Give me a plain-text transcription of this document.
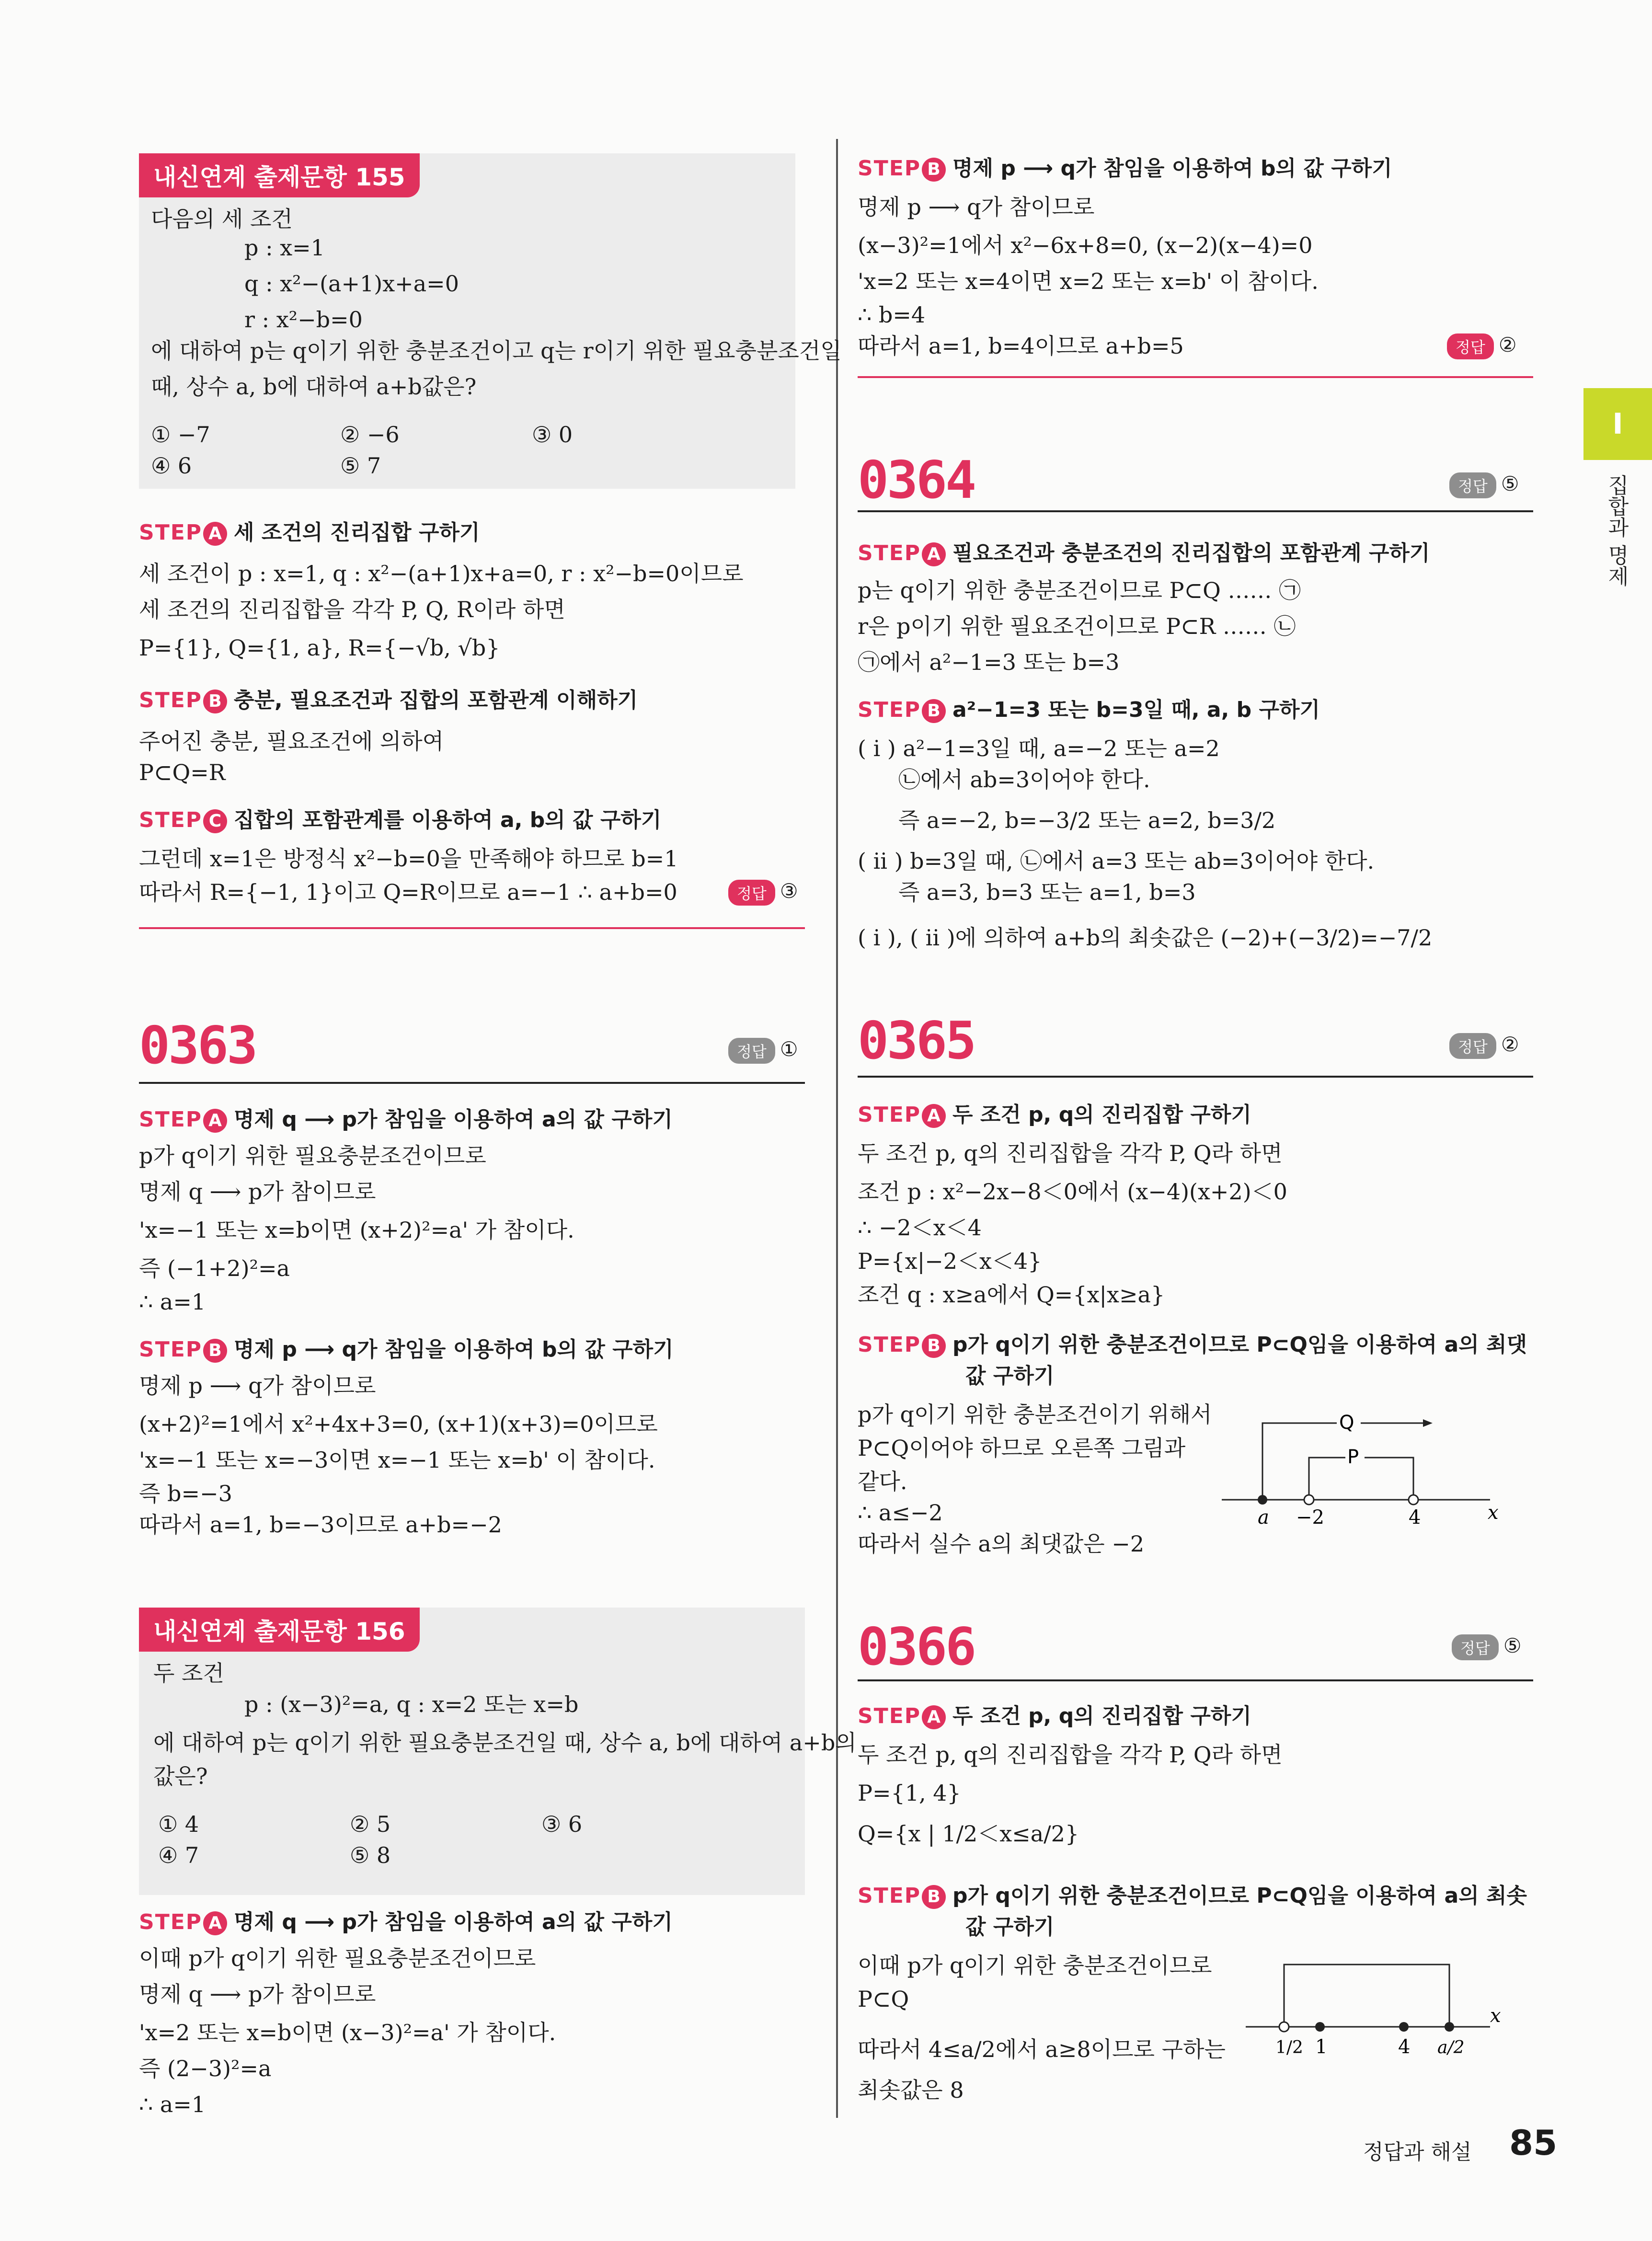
내신연계 출제문항 155
다음의 세 조건
p : x=1
q : x²−(a+1)x+a=0
r : x²−b=0
에 대하여 p는 q이기 위한 충분조건이고 q는 r이기 위한 필요충분조건일
때, 상수 a, b에 대하여 a+b값은?
① −7	② −6	③ 0
④ 6	⑤ 7
STEP A 세 조건의 진리집합 구하기
세 조건이 p : x=1, q : x²−(a+1)x+a=0, r : x²−b=0이므로
세 조건의 진리집합을 각각 P, Q, R이라 하면
P={1}, Q={1, a}, R={−√b, √b}
STEP B 충분, 필요조건과 집합의 포함관계 이해하기
주어진 충분, 필요조건에 의하여
P⊂Q=R
STEP C 집합의 포함관계를 이용하여 a, b의 값 구하기
그런데 x=1은 방정식 x²−b=0을 만족해야 하므로 b=1
따라서 R={−1, 1}이고 Q=R이므로 a=−1 ∴ a+b=0	정답 ③
0363	정답 ①
STEP A 명제 q ⟶ p가 참임을 이용하여 a의 값 구하기
p가 q이기 위한 필요충분조건이므로
명제 q ⟶ p가 참이므로
'x=−1 또는 x=b이면 (x+2)²=a' 가 참이다.
즉 (−1+2)²=a
∴ a=1
STEP B 명제 p ⟶ q가 참임을 이용하여 b의 값 구하기
명제 p ⟶ q가 참이므로
(x+2)²=1에서 x²+4x+3=0, (x+1)(x+3)=0이므로
'x=−1 또는 x=−3이면 x=−1 또는 x=b' 이 참이다.
즉 b=−3
따라서 a=1, b=−3이므로 a+b=−2
내신연계 출제문항 156
두 조건
p : (x−3)²=a, q : x=2 또는 x=b
에 대하여 p는 q이기 위한 필요충분조건일 때, 상수 a, b에 대하여 a+b의
값은?
① 4	② 5	③ 6
④ 7	⑤ 8
STEP A 명제 q ⟶ p가 참임을 이용하여 a의 값 구하기
이때 p가 q이기 위한 필요충분조건이므로
명제 q ⟶ p가 참이므로
'x=2 또는 x=b이면 (x−3)²=a' 가 참이다.
즉 (2−3)²=a
∴ a=1
STEP B 명제 p ⟶ q가 참임을 이용하여 b의 값 구하기
명제 p ⟶ q가 참이므로
(x−3)²=1에서 x²−6x+8=0, (x−2)(x−4)=0
'x=2 또는 x=4이면 x=2 또는 x=b' 이 참이다.
∴ b=4
따라서 a=1, b=4이므로 a+b=5	정답 ②
0364	정답 ⑤
STEP A 필요조건과 충분조건의 진리집합의 포함관계 구하기
p는 q이기 위한 충분조건이므로 P⊂Q …… ㉠
r은 p이기 위한 필요조건이므로 P⊂R …… ㉡
㉠에서 a²−1=3 또는 b=3
STEP B a²−1=3 또는 b=3일 때, a, b 구하기
( i ) a²−1=3일 때, a=−2 또는 a=2
㉡에서 ab=3이어야 한다.
즉 a=−2, b=−3/2 또는 a=2, b=3/2
( ii ) b=3일 때, ㉡에서 a=3 또는 ab=3이어야 한다.
즉 a=3, b=3 또는 a=1, b=3
( i ), ( ii )에 의하여 a+b의 최솟값은 (−2)+(−3/2)=−7/2
0365	정답 ②
STEP A 두 조건 p, q의 진리집합 구하기
두 조건 p, q의 진리집합을 각각 P, Q라 하면
조건 p : x²−2x−8＜0에서 (x−4)(x+2)＜0
∴ −2＜x＜4
P={x|−2＜x＜4}
조건 q : x≥a에서 Q={x|x≥a}
STEP B p가 q이기 위한 충분조건이므로 P⊂Q임을 이용하여 a의 최댓
값 구하기
p가 q이기 위한 충분조건이기 위해서
P⊂Q이어야 하므로 오른쪽 그림과
같다.
∴ a≤−2
따라서 실수 a의 최댓값은 −2
Q
P
a −2	4	x
0366	정답 ⑤
STEP A 두 조건 p, q의 진리집합 구하기
두 조건 p, q의 진리집합을 각각 P, Q라 하면
P={1, 4}
Q={x | 1/2＜x≤a/2}
STEP B p가 q이기 위한 충분조건이므로 P⊂Q임을 이용하여 a의 최솟
값 구하기
이때 p가 q이기 위한 충분조건이므로
P⊂Q
따라서 4≤a/2에서 a≥8이므로 구하는
최솟값은 8
1/2 1	4 a/2
x
I
집합과 명제
정답과 해설 85
